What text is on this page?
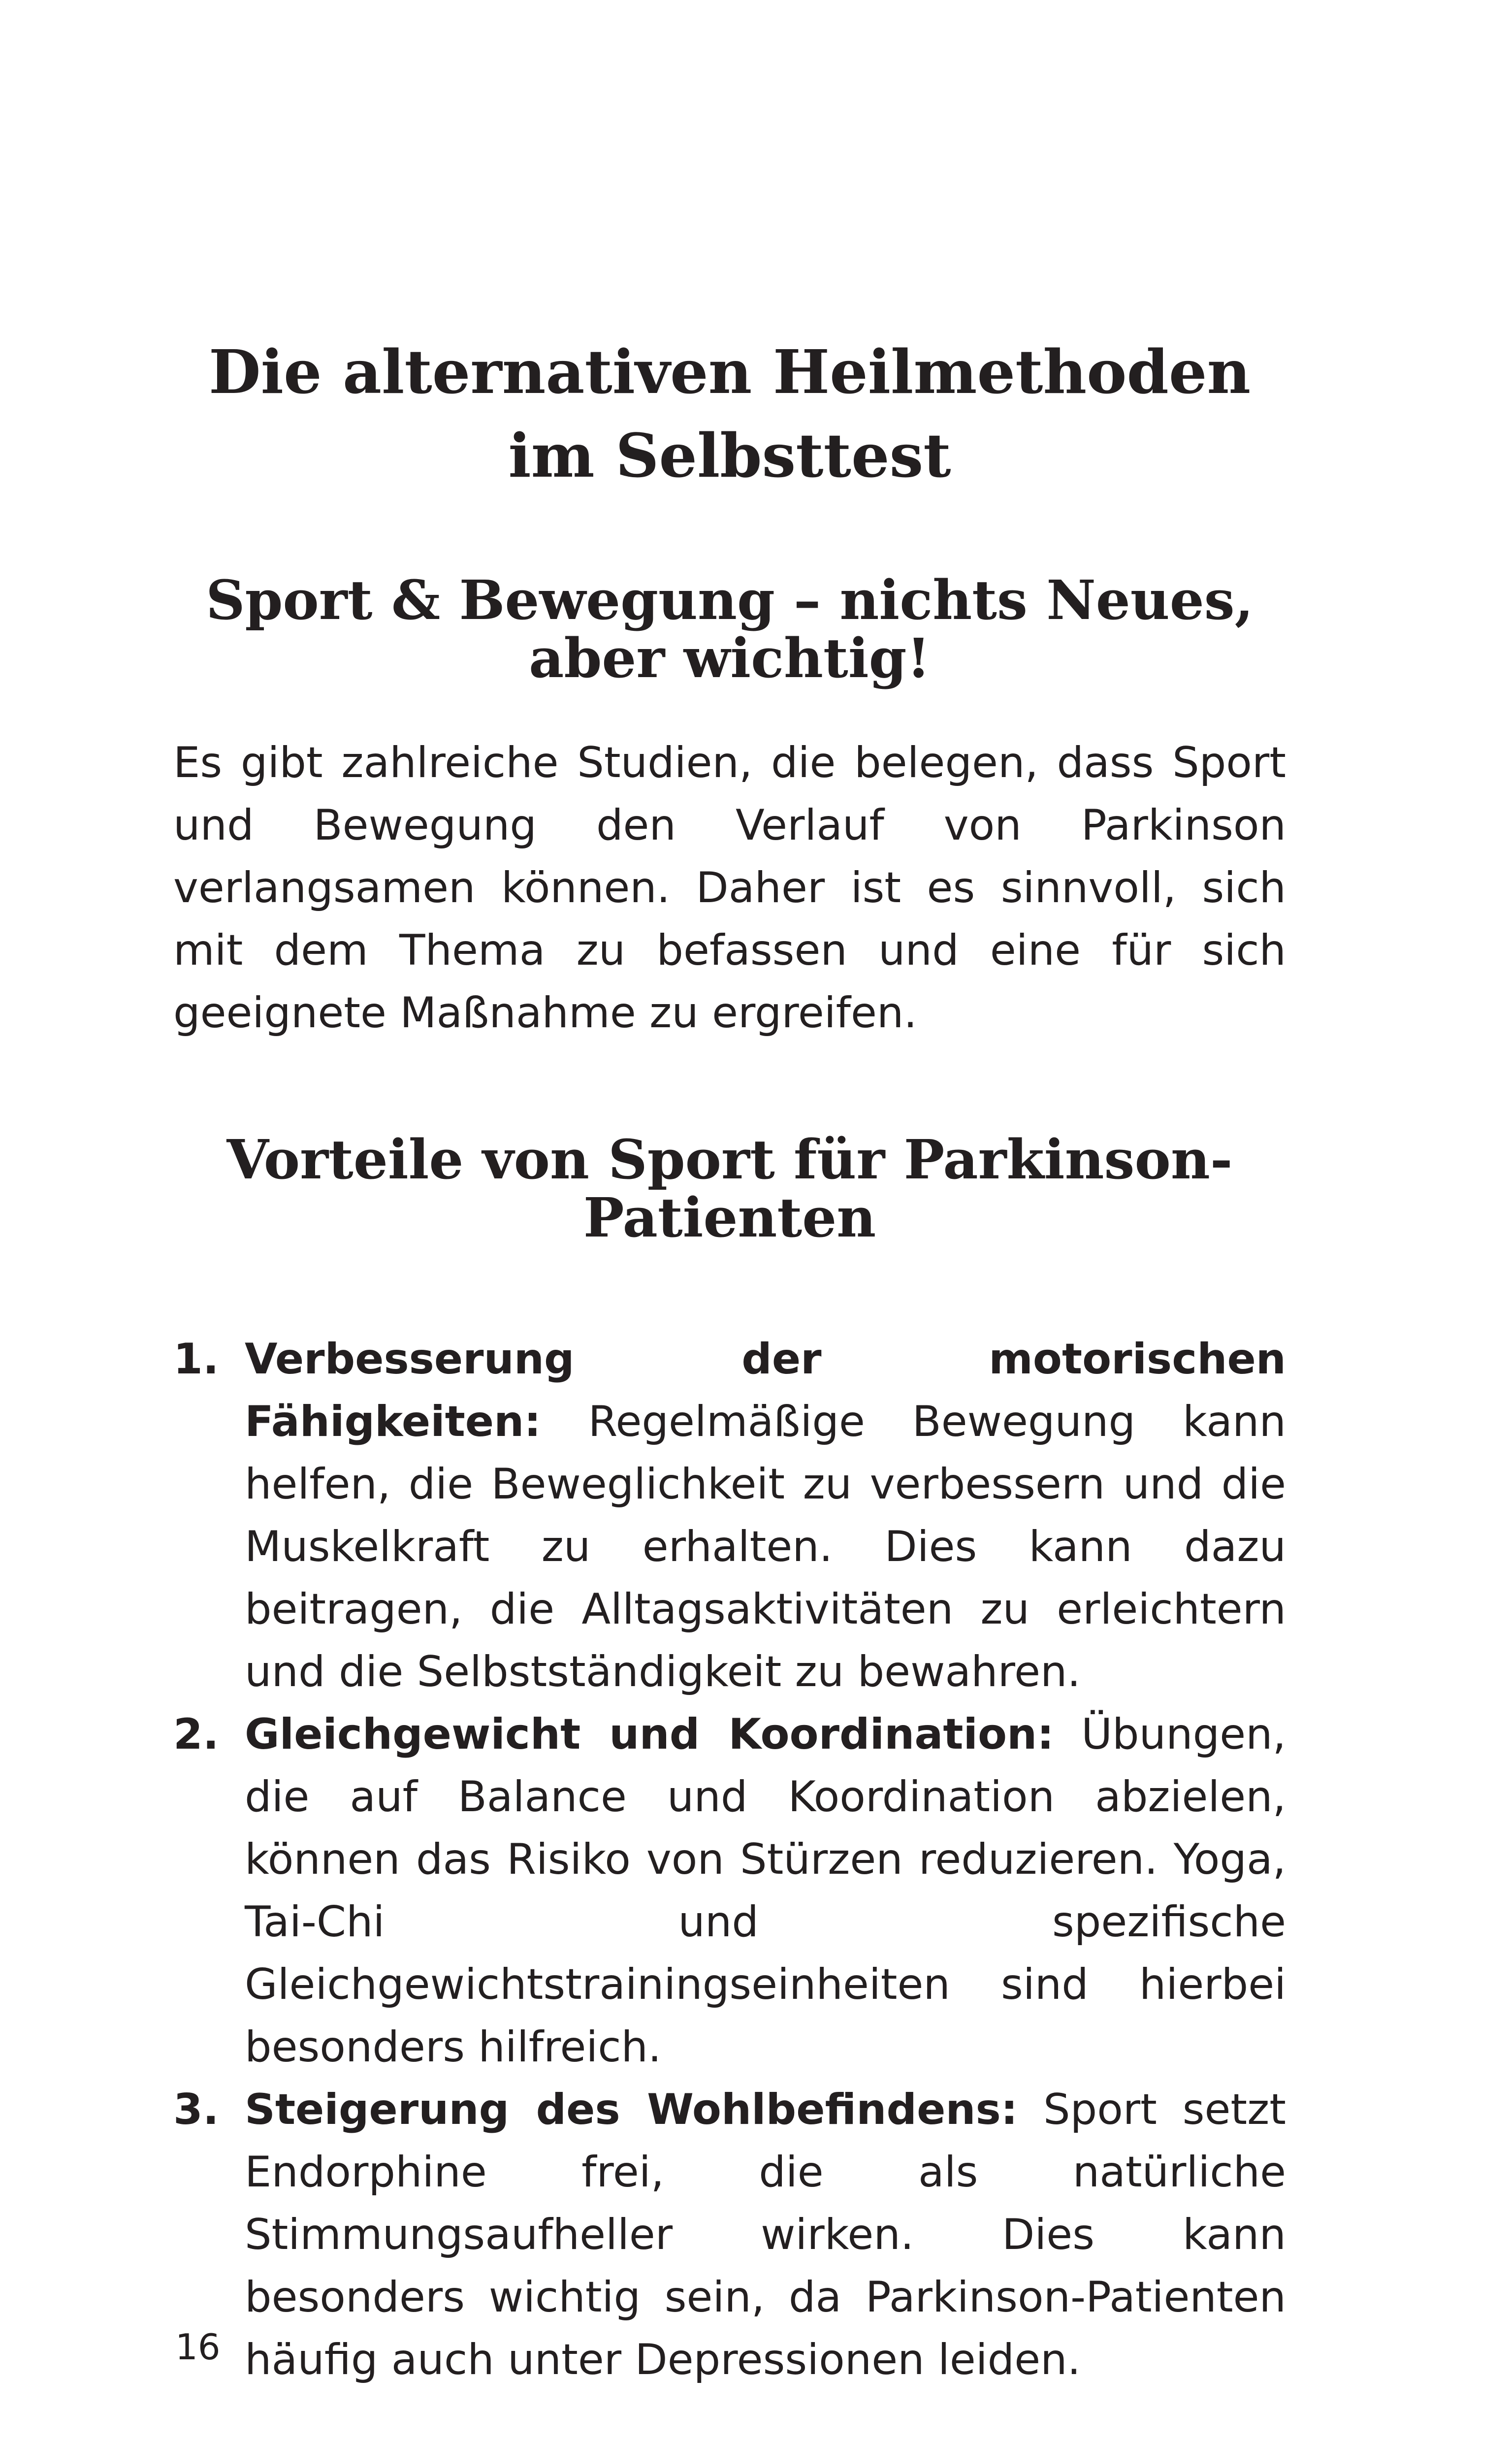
Die alternativen Heilmethoden im Selbsttest
Sport & Bewegung – nichts Neues, aber wichtig!

Es gibt zahlreiche Studien, die belegen, dass Sport und Bewegung den Verlauf von Parkinson verlangsamen können. Daher ist es sinnvoll, sich mit dem Thema zu befassen und eine für sich geeignete Maßnahme zu ergreifen.

Vorteile von Sport für Parkinson-Patienten
1. Verbesserung der motorischen Fähigkeiten: Regelmäßige Bewegung kann helfen, die Beweglichkeit zu verbessern und die Muskelkraft zu erhalten. Dies kann dazu beitragen, die Alltagsaktivitäten zu erleichtern und die Selbstständigkeit zu bewahren.
2. Gleichgewicht und Koordination: Übungen, die auf Balance und Koordination abzielen, können das Risiko von Stürzen reduzieren. Yoga, Tai-Chi und spezifische Gleichgewichtstrainingseinheiten sind hierbei besonders hilfreich.
3. Steigerung des Wohlbefindens: Sport setzt Endorphine frei, die als natürliche Stimmungsaufheller wirken. Dies kann besonders wichtig sein, da Parkinson-Patienten häufig auch unter Depressionen leiden.
16
